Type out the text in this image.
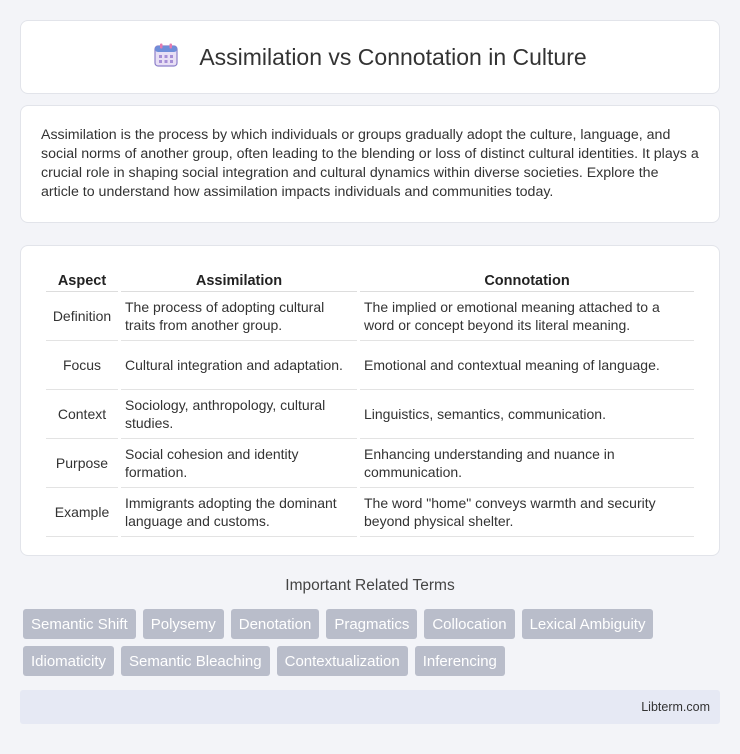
Assimilation vs Connotation in Culture

Assimilation is the process by which individuals or groups gradually adopt the culture, language, and social norms of another group, often leading to the blending or loss of distinct cultural identities. It plays a crucial role in shaping social integration and cultural dynamics within diverse societies. Explore the article to understand how assimilation impacts individuals and communities today.

Aspect	Assimilation	Connotation
Definition	The process of adopting cultural traits from another group.	The implied or emotional meaning attached to a word or concept beyond its literal meaning.
Focus	Cultural integration and adaptation.	Emotional and contextual meaning of language.
Context	Sociology, anthropology, cultural studies.	Linguistics, semantics, communication.
Purpose	Social cohesion and identity formation.	Enhancing understanding and nuance in communication.
Example	Immigrants adopting the dominant language and customs.	The word "home" conveys warmth and security beyond physical shelter.
Important Related Terms
Semantic Shift	Polysemy	Denotation	Pragmatics	Collocation	Lexical Ambiguity
Idiomaticity	Semantic Bleaching	Contextualization	Inferencing
Libterm.com
